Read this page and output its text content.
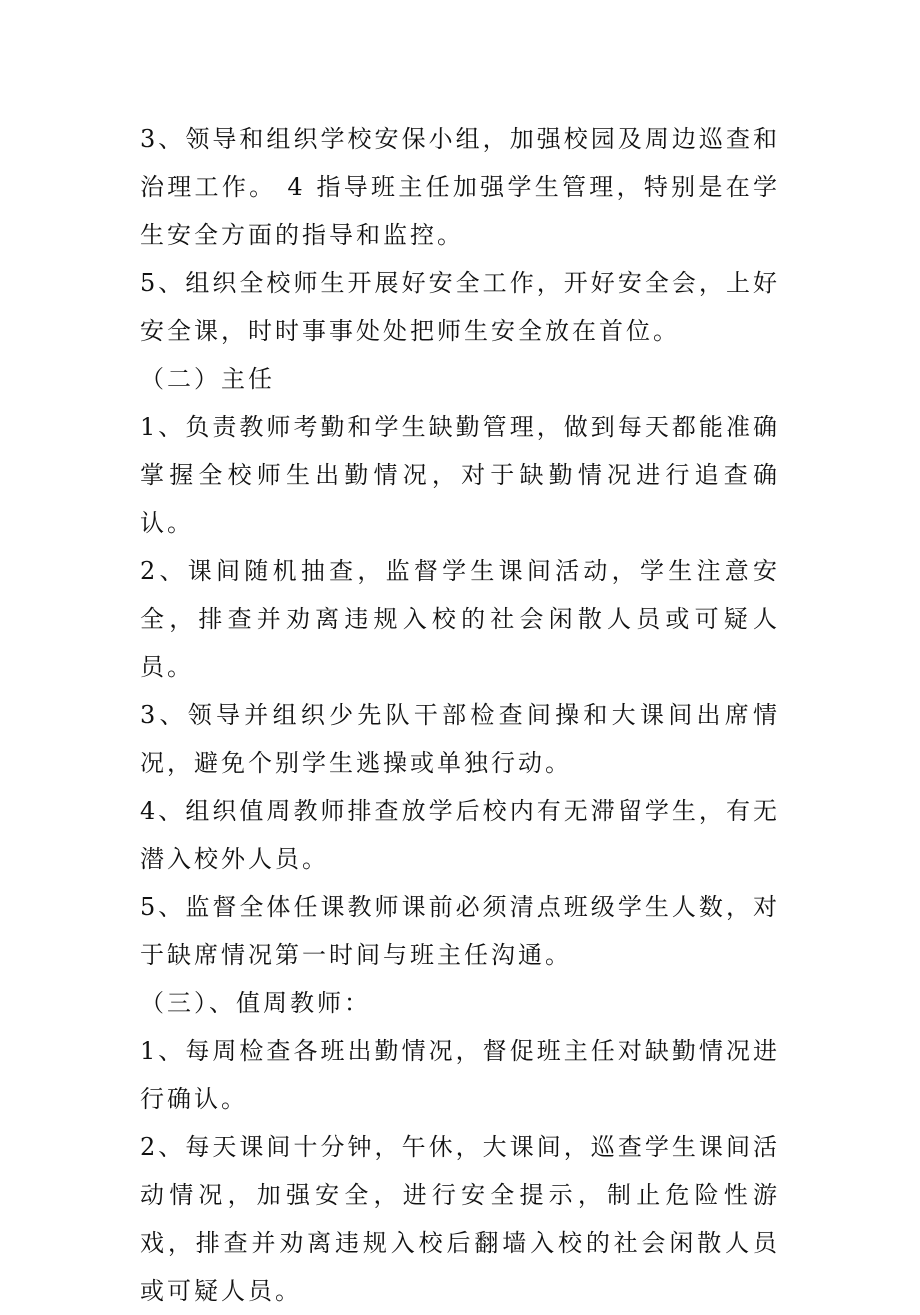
3、领导和组织学校安保小组，加强校园及周边巡查和治理工作。 4 指导班主任加强学生管理，特别是在学生安全方面的指导和监控。

5、组织全校师生开展好安全工作，开好安全会，上好安全课，时时事事处处把师生安全放在首位。

（二）主任

1、负责教师考勤和学生缺勤管理，做到每天都能准确掌握全校师生出勤情况，对于缺勤情况进行追查确认。

2、课间随机抽查，监督学生课间活动，学生注意安全，排查并劝离违规入校的社会闲散人员或可疑人员。

3、领导并组织少先队干部检查间操和大课间出席情况，避免个别学生逃操或单独行动。

4、组织值周教师排查放学后校内有无滞留学生，有无潜入校外人员。

5、监督全体任课教师课前必须清点班级学生人数，对于缺席情况第一时间与班主任沟通。

（三）、值周教师：

1、每周检查各班出勤情况，督促班主任对缺勤情况进行确认。

2、每天课间十分钟，午休，大课间，巡查学生课间活动情况，加强安全，进行安全提示，制止危险性游戏，排查并劝离违规入校后翻墙入校的社会闲散人员或可疑人员。
